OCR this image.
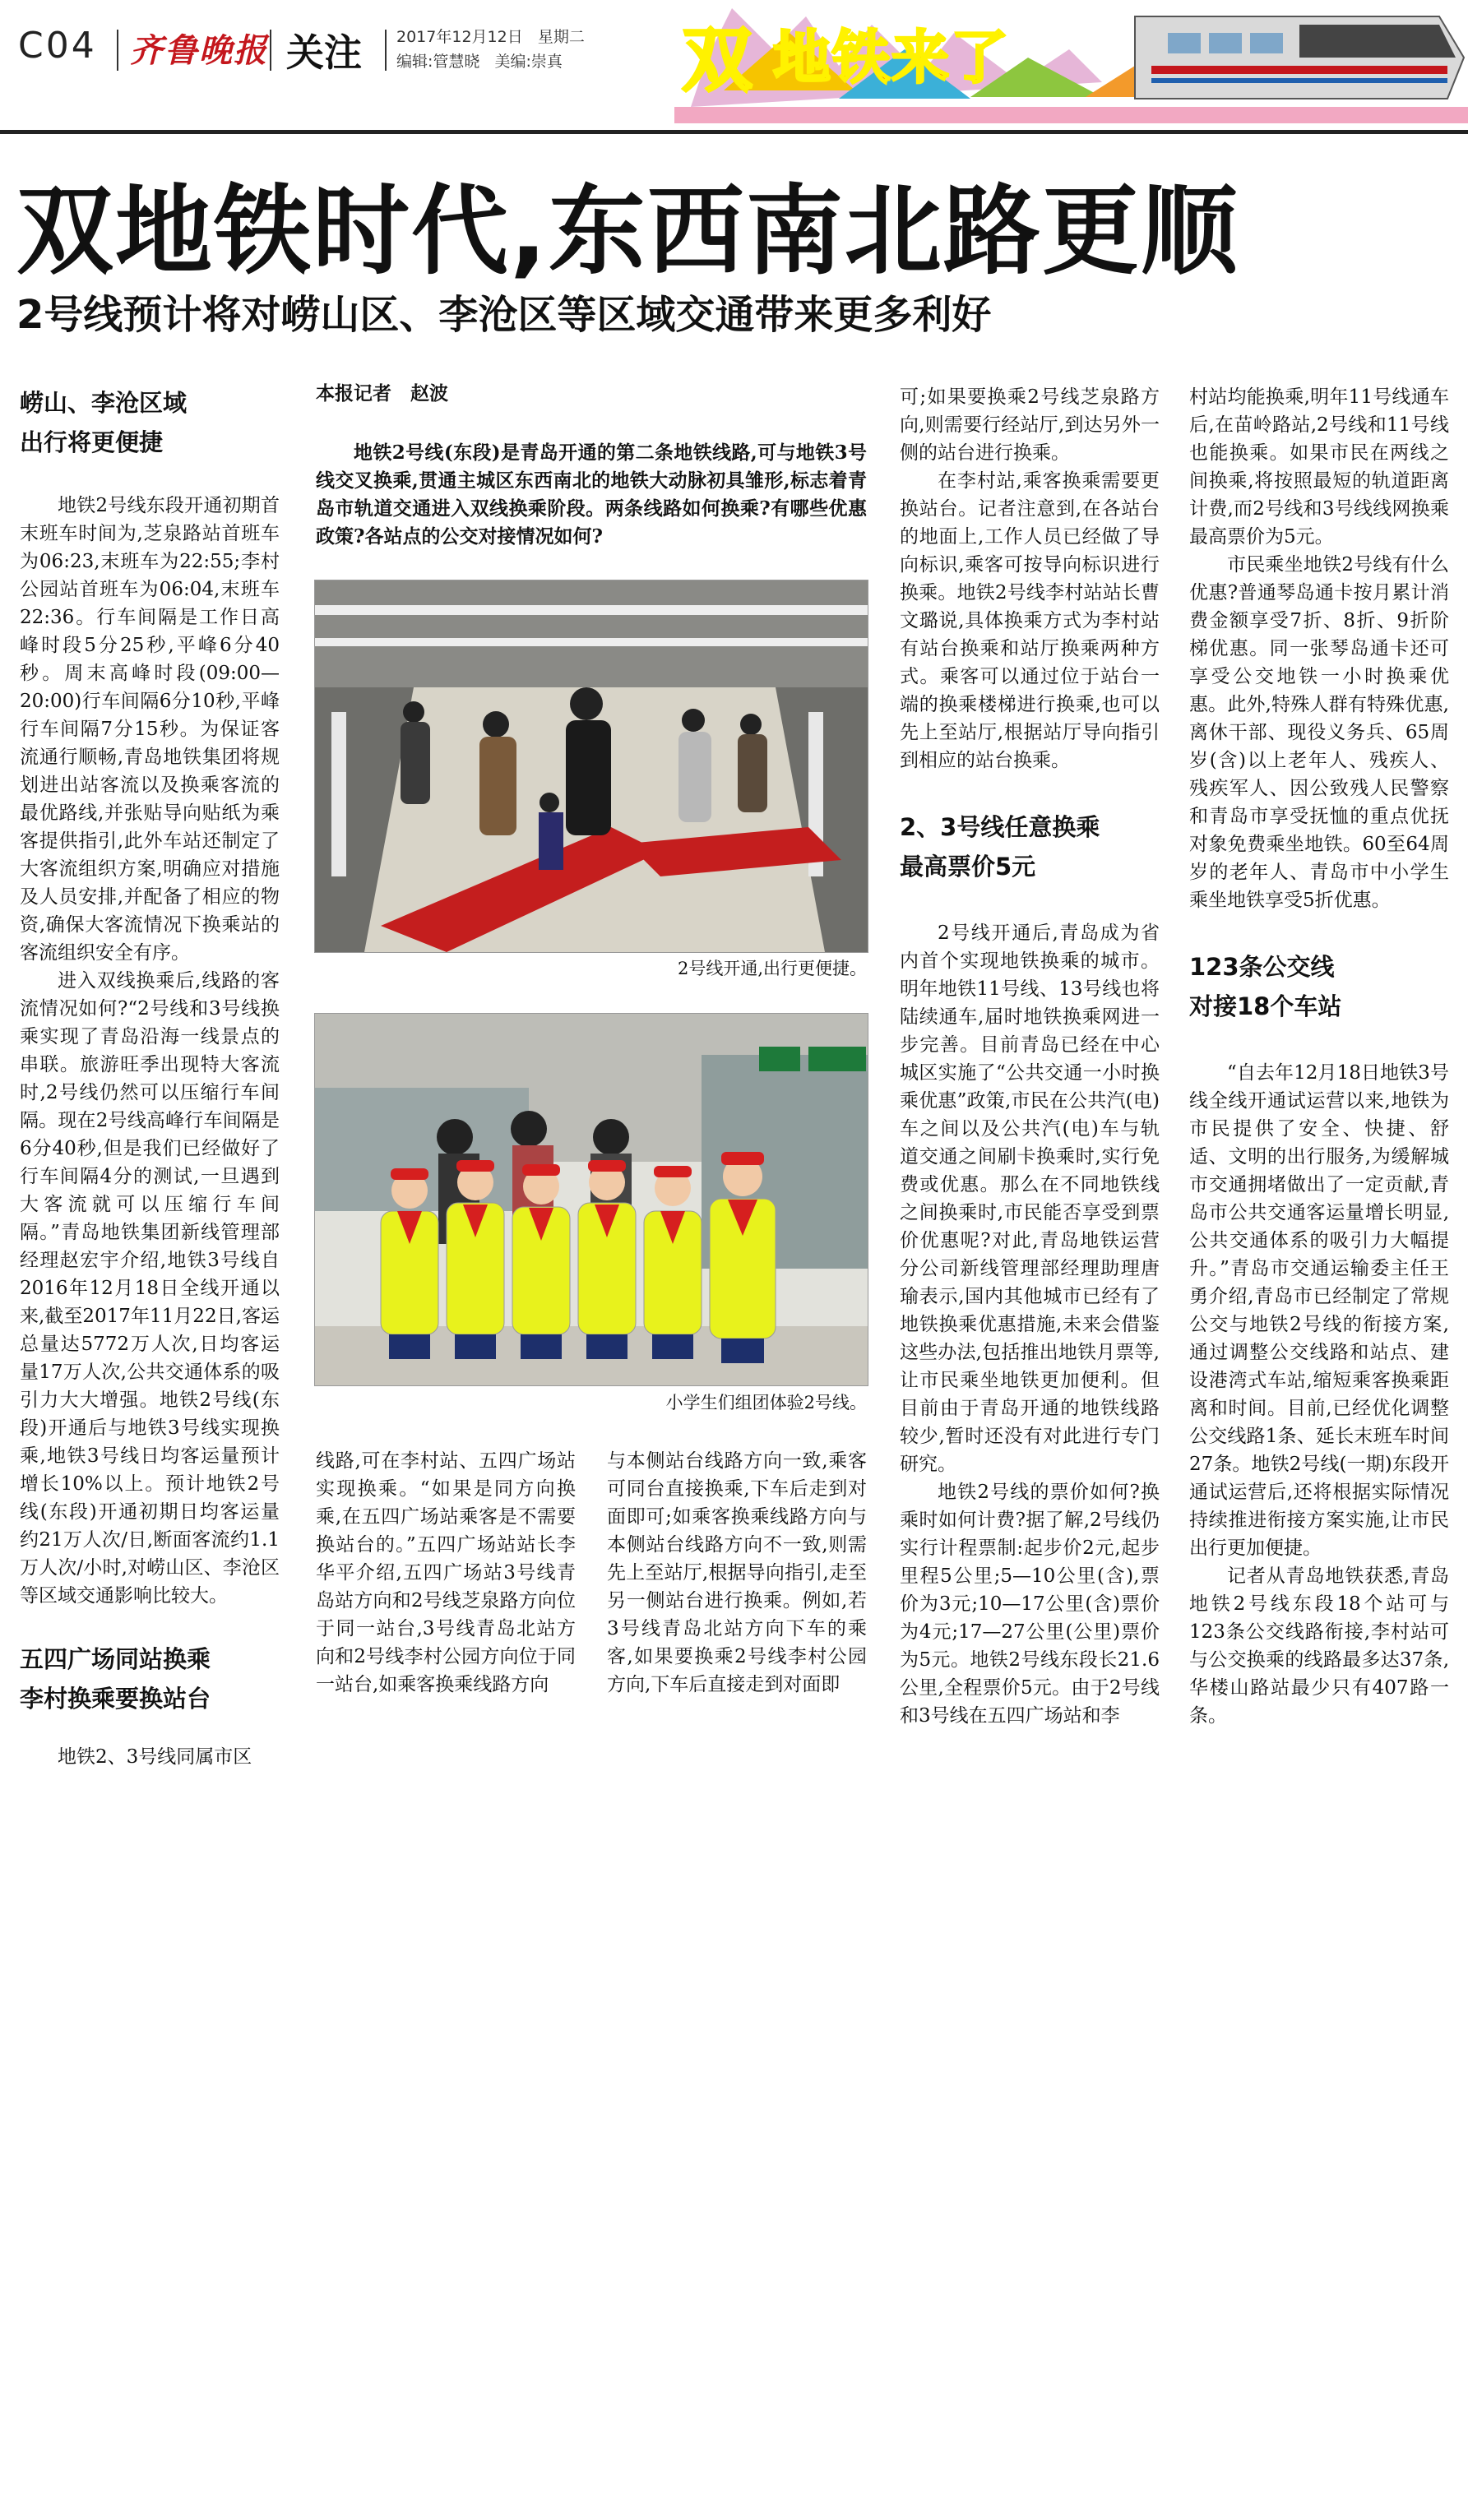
C04 齐鲁晚报 关注 2017年12月12日 星期二
编辑:管慧晓 美编:崇真 双 地铁来了
双地铁时代,东西南北路更顺
2号线预计将对崂山区、李沧区等区域交通带来更多利好
崂山、李沧区域
出行将更便捷

地铁2号线东段开通初期首末班车时间为,芝泉路站首班车为06:23,末班车为22:55;李村公园站首班车为06:04,末班车22:36。行车间隔是工作日高峰时段5分25秒,平峰6分40秒。周末高峰时段(09:00—20:00)行车间隔6分10秒,平峰行车间隔7分15秒。为保证客流通行顺畅,青岛地铁集团将规划进出站客流以及换乘客流的最优路线,并张贴导向贴纸为乘客提供指引,此外车站还制定了大客流组织方案,明确应对措施及人员安排,并配备了相应的物资,确保大客流情况下换乘站的客流组织安全有序。

进入双线换乘后,线路的客流情况如何?“2号线和3号线换乘实现了青岛沿海一线景点的串联。旅游旺季出现特大客流时,2号线仍然可以压缩行车间隔。现在2号线高峰行车间隔是6分40秒,但是我们已经做好了行车间隔4分的测试,一旦遇到大客流就可以压缩行车间隔。”青岛地铁集团新线管理部经理赵宏宇介绍,地铁3号线自2016年12月18日全线开通以来,截至2017年11月22日,客运总量达5772万人次,日均客运量17万人次,公共交通体系的吸引力大大增强。地铁2号线(东段)开通后与地铁3号线实现换乘,地铁3号线日均客运量预计增长10%以上。预计地铁2号线(东段)开通初期日均客运量约21万人次/日,断面客流约1.1万人次/小时,对崂山区、李沧区等区域交通影响比较大。

五四广场同站换乘
李村换乘要换站台

地铁2、3号线同属市区

本报记者　赵波
地铁2号线(东段)是青岛开通的第二条地铁线路,可与地铁3号线交叉换乘,贯通主城区东西南北的地铁大动脉初具雏形,标志着青岛市轨道交通进入双线换乘阶段。两条线路如何换乘?有哪些优惠政策?各站点的公交对接情况如何?
2号线开通,出行更便捷。
小学生们组团体验2号线。

线路,可在李村站、五四广场站实现换乘。“如果是同方向换乘,在五四广场站乘客是不需要换站台的。”五四广场站站长李华平介绍,五四广场站3号线青岛站方向和2号线芝泉路方向位于同一站台,3号线青岛北站方向和2号线李村公园方向位于同一站台,如乘客换乘线路方向

与本侧站台线路方向一致,乘客可同台直接换乘,下车后走到对面即可;如乘客换乘线路方向与本侧站台线路方向不一致,则需先上至站厅,根据导向指引,走至另一侧站台进行换乘。例如,若3号线青岛北站方向下车的乘客,如果要换乘2号线李村公园方向,下车后直接走到对面即

可;如果要换乘2号线芝泉路方向,则需要行经站厅,到达另外一侧的站台进行换乘。

在李村站,乘客换乘需要更换站台。记者注意到,在各站台的地面上,工作人员已经做了导向标识,乘客可按导向标识进行换乘。地铁2号线李村站站长曹文璐说,具体换乘方式为李村站有站台换乘和站厅换乘两种方式。乘客可以通过位于站台一端的换乘楼梯进行换乘,也可以先上至站厅,根据站厅导向指引到相应的站台换乘。

2、3号线任意换乘
最高票价5元

2号线开通后,青岛成为省内首个实现地铁换乘的城市。明年地铁11号线、13号线也将陆续通车,届时地铁换乘网进一步完善。目前青岛已经在中心城区实施了“公共交通一小时换乘优惠”政策,市民在公共汽(电)车之间以及公共汽(电)车与轨道交通之间刷卡换乘时,实行免费或优惠。那么在不同地铁线之间换乘时,市民能否享受到票价优惠呢?对此,青岛地铁运营分公司新线管理部经理助理唐瑜表示,国内其他城市已经有了地铁换乘优惠措施,未来会借鉴这些办法,包括推出地铁月票等,让市民乘坐地铁更加便利。但目前由于青岛开通的地铁线路较少,暂时还没有对此进行专门研究。

地铁2号线的票价如何?换乘时如何计费?据了解,2号线仍实行计程票制:起步价2元,起步里程5公里;5—10公里(含),票价为3元;10—17公里(含)票价为4元;17—27公里(公里)票价为5元。地铁2号线东段长21.6公里,全程票价5元。由于2号线和3号线在五四广场站和李

村站均能换乘,明年11号线通车后,在苗岭路站,2号线和11号线也能换乘。如果市民在两线之间换乘,将按照最短的轨道距离计费,而2号线和3号线线网换乘最高票价为5元。

市民乘坐地铁2号线有什么优惠?普通琴岛通卡按月累计消费金额享受7折、8折、9折阶梯优惠。同一张琴岛通卡还可享受公交地铁一小时换乘优惠。此外,特殊人群有特殊优惠,离休干部、现役义务兵、65周岁(含)以上老年人、残疾人、残疾军人、因公致残人民警察和青岛市享受抚恤的重点优抚对象免费乘坐地铁。60至64周岁的老年人、青岛市中小学生乘坐地铁享受5折优惠。

123条公交线
对接18个车站

“自去年12月18日地铁3号线全线开通试运营以来,地铁为市民提供了安全、快捷、舒适、文明的出行服务,为缓解城市交通拥堵做出了一定贡献,青岛市公共交通客运量增长明显,公共交通体系的吸引力大幅提升。”青岛市交通运输委主任王勇介绍,青岛市已经制定了常规公交与地铁2号线的衔接方案,通过调整公交线路和站点、建设港湾式车站,缩短乘客换乘距离和时间。目前,已经优化调整公交线路1条、延长末班车时间27条。地铁2号线(一期)东段开通试运营后,还将根据实际情况持续推进衔接方案实施,让市民出行更加便捷。

记者从青岛地铁获悉,青岛地铁2号线东段18个站可与123条公交线路衔接,李村站可与公交换乘的线路最多达37条,华楼山路站最少只有407路一条。
